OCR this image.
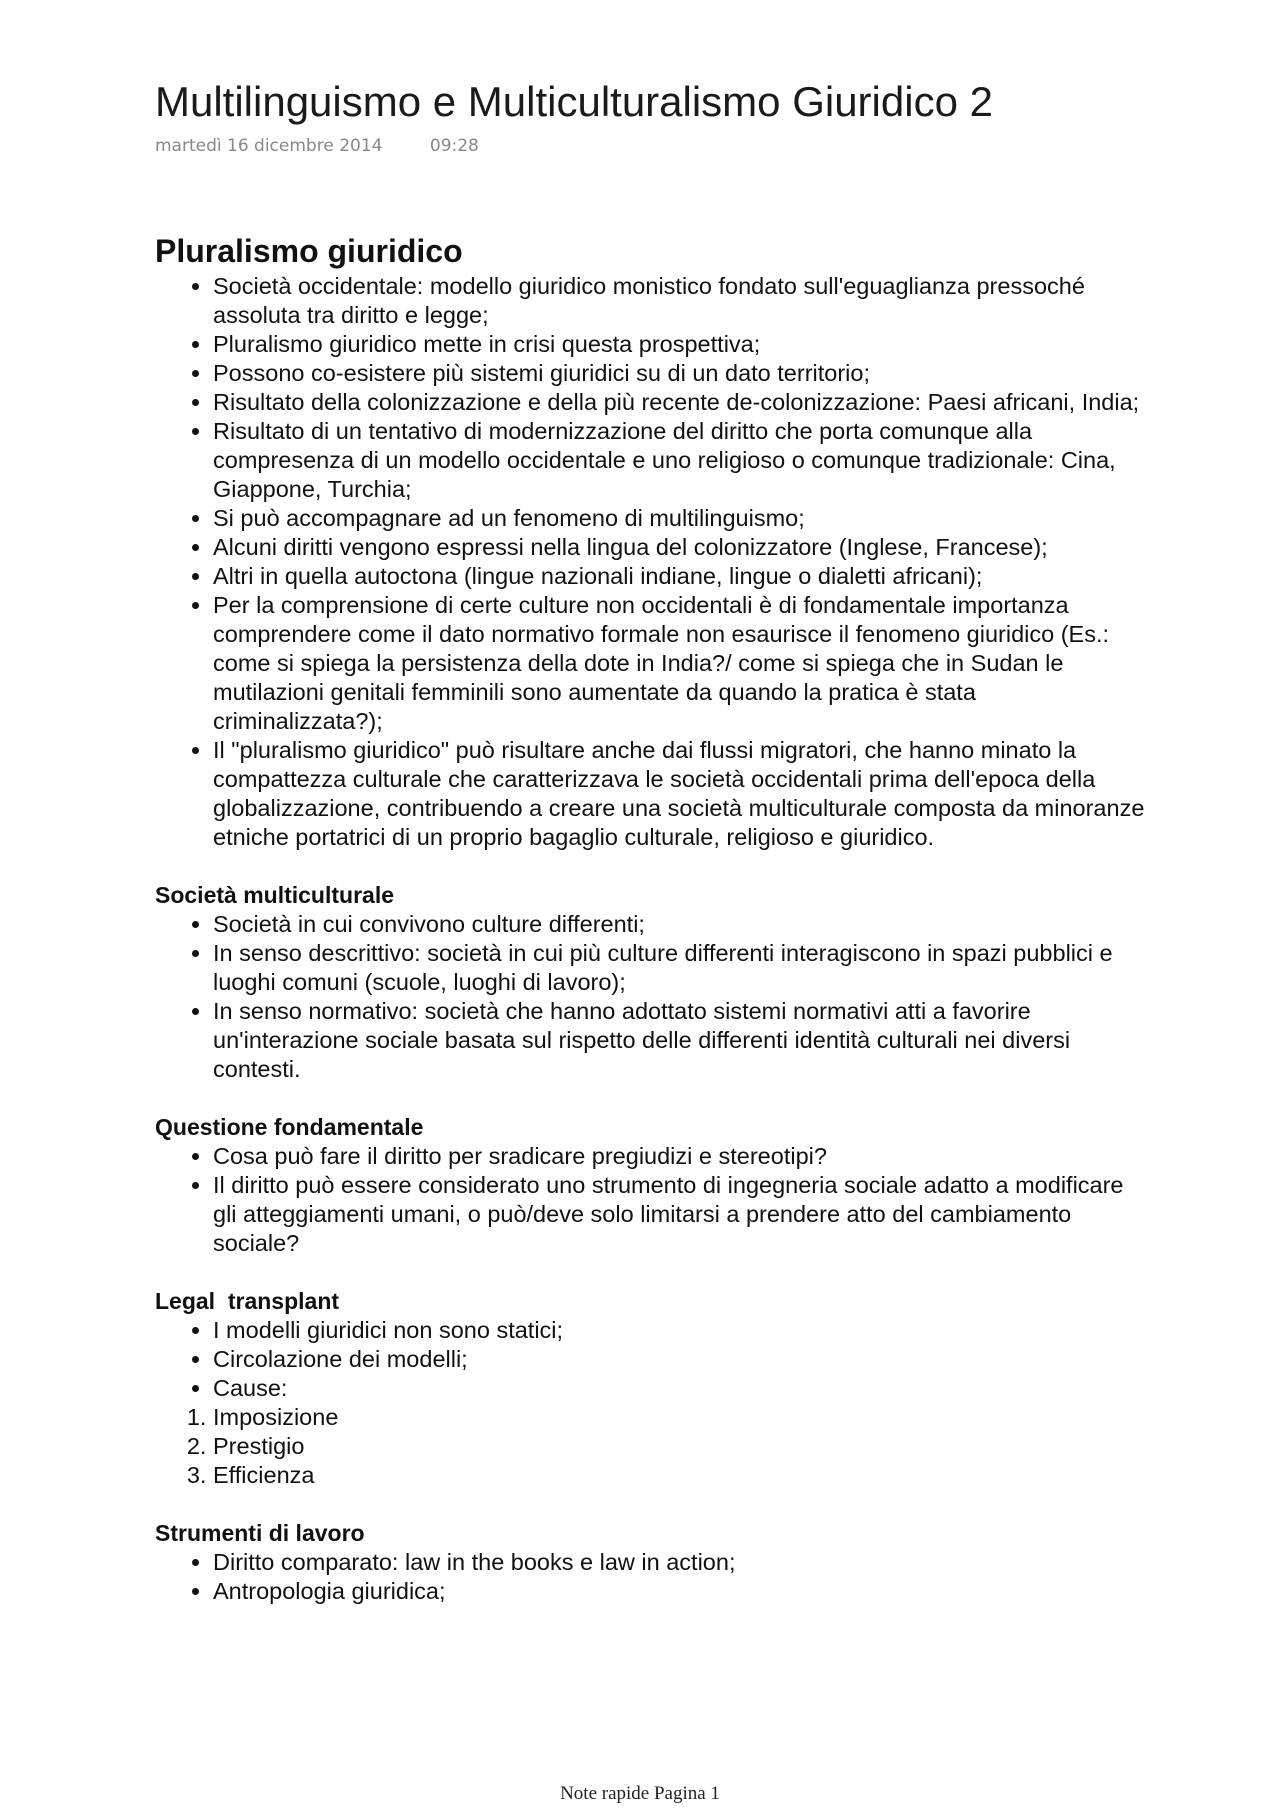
Multilinguismo e Multiculturalismo Giuridico 2
martedì 16 dicembre 2014	09:28
Pluralismo giuridico
• Società occidentale: modello giuridico monistico fondato sull'eguaglianza pressoché assoluta tra diritto e legge;
• Pluralismo giuridico mette in crisi questa prospettiva;
• Possono co-esistere più sistemi giuridici su di un dato territorio;
• Risultato della colonizzazione e della più recente de-colonizzazione: Paesi africani, India;
• Risultato di un tentativo di modernizzazione del diritto che porta comunque alla compresenza di un modello occidentale e uno religioso o comunque tradizionale: Cina, Giappone, Turchia;
• Si può accompagnare ad un fenomeno di multilinguismo;
• Alcuni diritti vengono espressi nella lingua del colonizzatore (Inglese, Francese);
• Altri in quella autoctona (lingue nazionali indiane, lingue o dialetti africani);
• Per la comprensione di certe culture non occidentali è di fondamentale importanza comprendere come il dato normativo formale non esaurisce il fenomeno giuridico (Es.: come si spiega la persistenza della dote in India?/ come si spiega che in Sudan le mutilazioni genitali femminili sono aumentate da quando la pratica è stata criminalizzata?);
• Il "pluralismo giuridico" può risultare anche dai flussi migratori, che hanno minato la compattezza culturale che caratterizzava le società occidentali prima dell'epoca della globalizzazione, contribuendo a creare una società multiculturale composta da minoranze etniche portatrici di un proprio bagaglio culturale, religioso e giuridico.
Società multiculturale
• Società in cui convivono culture differenti;
• In senso descrittivo: società in cui più culture differenti interagiscono in spazi pubblici e luoghi comuni (scuole, luoghi di lavoro);
• In senso normativo: società che hanno adottato sistemi normativi atti a favorire un'interazione sociale basata sul rispetto delle differenti identità culturali nei diversi contesti.
Questione fondamentale
• Cosa può fare il diritto per sradicare pregiudizi e stereotipi?
• Il diritto può essere considerato uno strumento di ingegneria sociale adatto a modificare gli atteggiamenti umani, o può/deve solo limitarsi a prendere atto del cambiamento sociale?
Legal  transplant
• I modelli giuridici non sono statici;
• Circolazione dei modelli;
• Cause:
1. Imposizione
2. Prestigio
3. Efficienza
Strumenti di lavoro
• Diritto comparato: law in the books e law in action;
• Antropologia giuridica;
Note rapide Pagina 1
